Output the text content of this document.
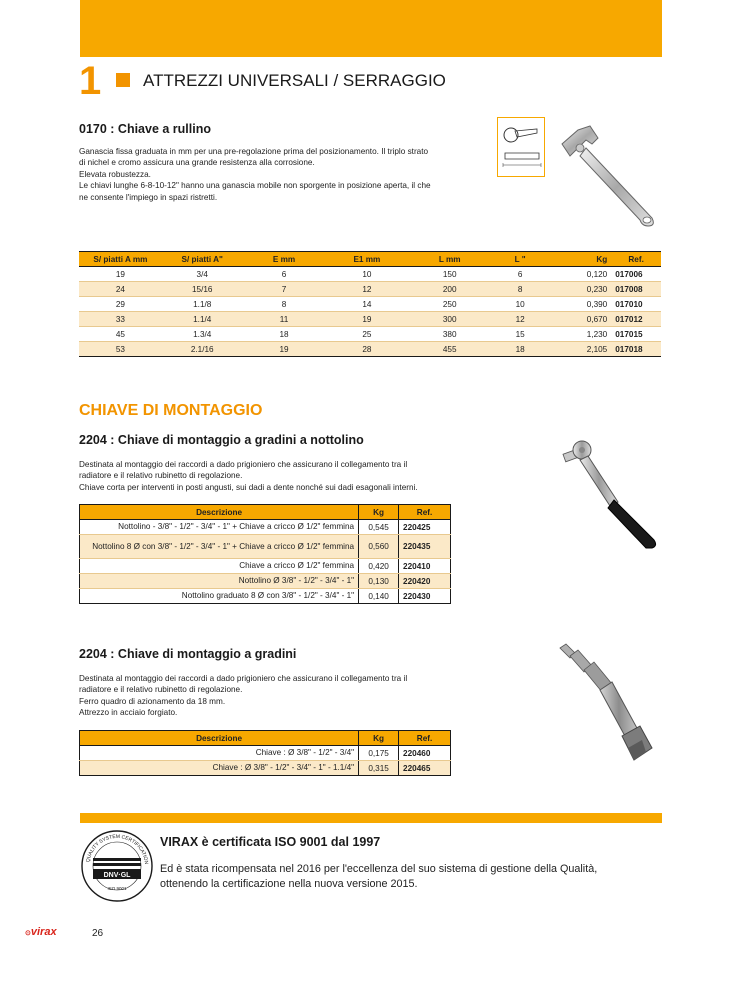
1 ATTREZZI UNIVERSALI / SERRAGGIO
0170 : Chiave a rullino
Ganascia fissa graduata in mm per una pre-regolazione prima del posizionamento. Il triplo strato
di nichel e cromo assicura una grande resistenza alla corrosione.
Elevata robustezza.
Le chiavi lunghe 6-8-10-12" hanno una ganascia mobile non sporgente in posizione aperta, il che
ne consente l'impiego in spazi ristretti.
S/ piatti A mm	S/ piatti A"	E mm	E1 mm	L mm	L "	Kg	Ref.
19	3/4	6	10	150	6	0,120	017006
24	15/16	7	12	200	8	0,230	017008
29	1.1/8	8	14	250	10	0,390	017010
33	1.1/4	11	19	300	12	0,670	017012
45	1.3/4	18	25	380	15	1,230	017015
53	2.1/16	19	28	455	18	2,105	017018
CHIAVE DI MONTAGGIO
2204 : Chiave di montaggio a gradini a nottolino
Destinata al montaggio dei raccordi a dado prigioniero che assicurano il collegamento tra il
radiatore e il relativo rubinetto di regolazione.
Chiave corta per interventi in posti angusti, sui dadi a dente nonché sui dadi esagonali interni.
Descrizione	Kg	Ref.
Nottolino - 3/8" - 1/2" - 3/4" - 1" + Chiave a cricco Ø 1/2" femmina	0,545	220425
Nottolino 8 Ø con 3/8" - 1/2" - 3/4" - 1" + Chiave a cricco Ø 1/2" femmina	0,560	220435
Chiave a cricco Ø 1/2" femmina	0,420	220410
Nottolino Ø 3/8" - 1/2" - 3/4" - 1"	0,130	220420
Nottolino graduato 8 Ø con 3/8" - 1/2" - 3/4" - 1"	0,140	220430
2204 : Chiave di montaggio a gradini
Destinata al montaggio dei raccordi a dado prigioniero che assicurano il collegamento tra il
radiatore e il relativo rubinetto di regolazione.
Ferro quadro di azionamento da 18 mm.
Attrezzo in acciaio forgiato.
Descrizione	Kg	Ref.
Chiave : Ø 3/8" - 1/2" - 3/4"	0,175	220460
Chiave : Ø 3/8" - 1/2" - 3/4" - 1" - 1.1/4"	0,315	220465
QUALITY SYSTEM CERTIFICATION
DNV·GL
ISO 9001
VIRAX è certificata ISO 9001 dal 1997
Ed è stata ricompensata nel 2016 per l'eccellenza del suo sistema di gestione della Qualità,
ottenendo la certificazione nella nuova versione 2015.
⊙virax	26
